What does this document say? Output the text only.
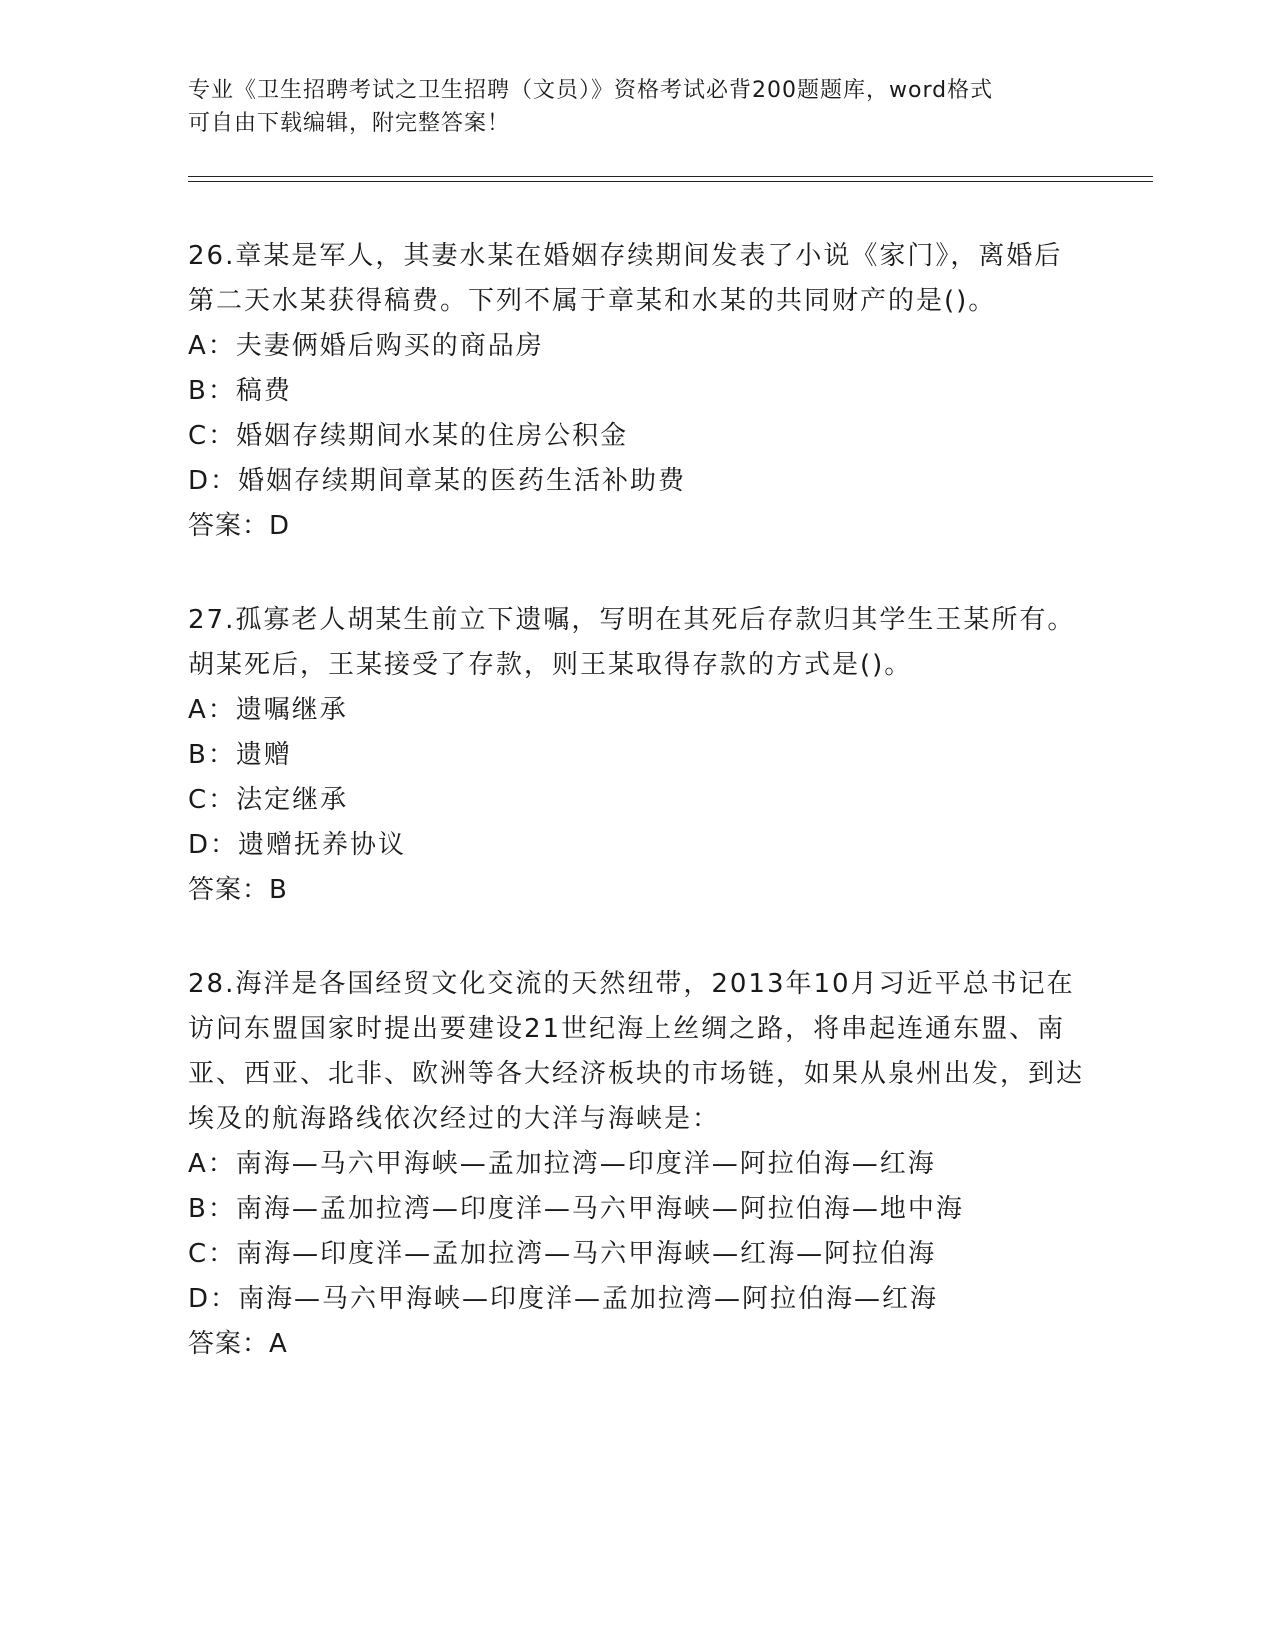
专业《卫生招聘考试之卫生招聘（文员）》资格考试必背200题题库，word格式
可自由下载编辑，附完整答案！
26.章某是军人，其妻水某在婚姻存续期间发表了小说《家门》，离婚后第二天水某获得稿费。下列不属于章某和水某的共同财产的是()。
A：夫妻俩婚后购买的商品房
B：稿费
C：婚姻存续期间水某的住房公积金
D：婚姻存续期间章某的医药生活补助费
答案：D
27.孤寡老人胡某生前立下遗嘱，写明在其死后存款归其学生王某所有。胡某死后，王某接受了存款，则王某取得存款的方式是()。
A：遗嘱继承
B：遗赠
C：法定继承
D：遗赠抚养协议
答案：B
28.海洋是各国经贸文化交流的天然纽带，2013年10月习近平总书记在访问东盟国家时提出要建设21世纪海上丝绸之路，将串起连通东盟、南亚、西亚、北非、欧洲等各大经济板块的市场链，如果从泉州出发，到达埃及的航海路线依次经过的大洋与海峡是：
A：南海—马六甲海峡—孟加拉湾—印度洋—阿拉伯海—红海
B：南海—孟加拉湾—印度洋—马六甲海峡—阿拉伯海—地中海
C：南海—印度洋—孟加拉湾—马六甲海峡—红海—阿拉伯海
D：南海—马六甲海峡—印度洋—孟加拉湾—阿拉伯海—红海
答案：A
